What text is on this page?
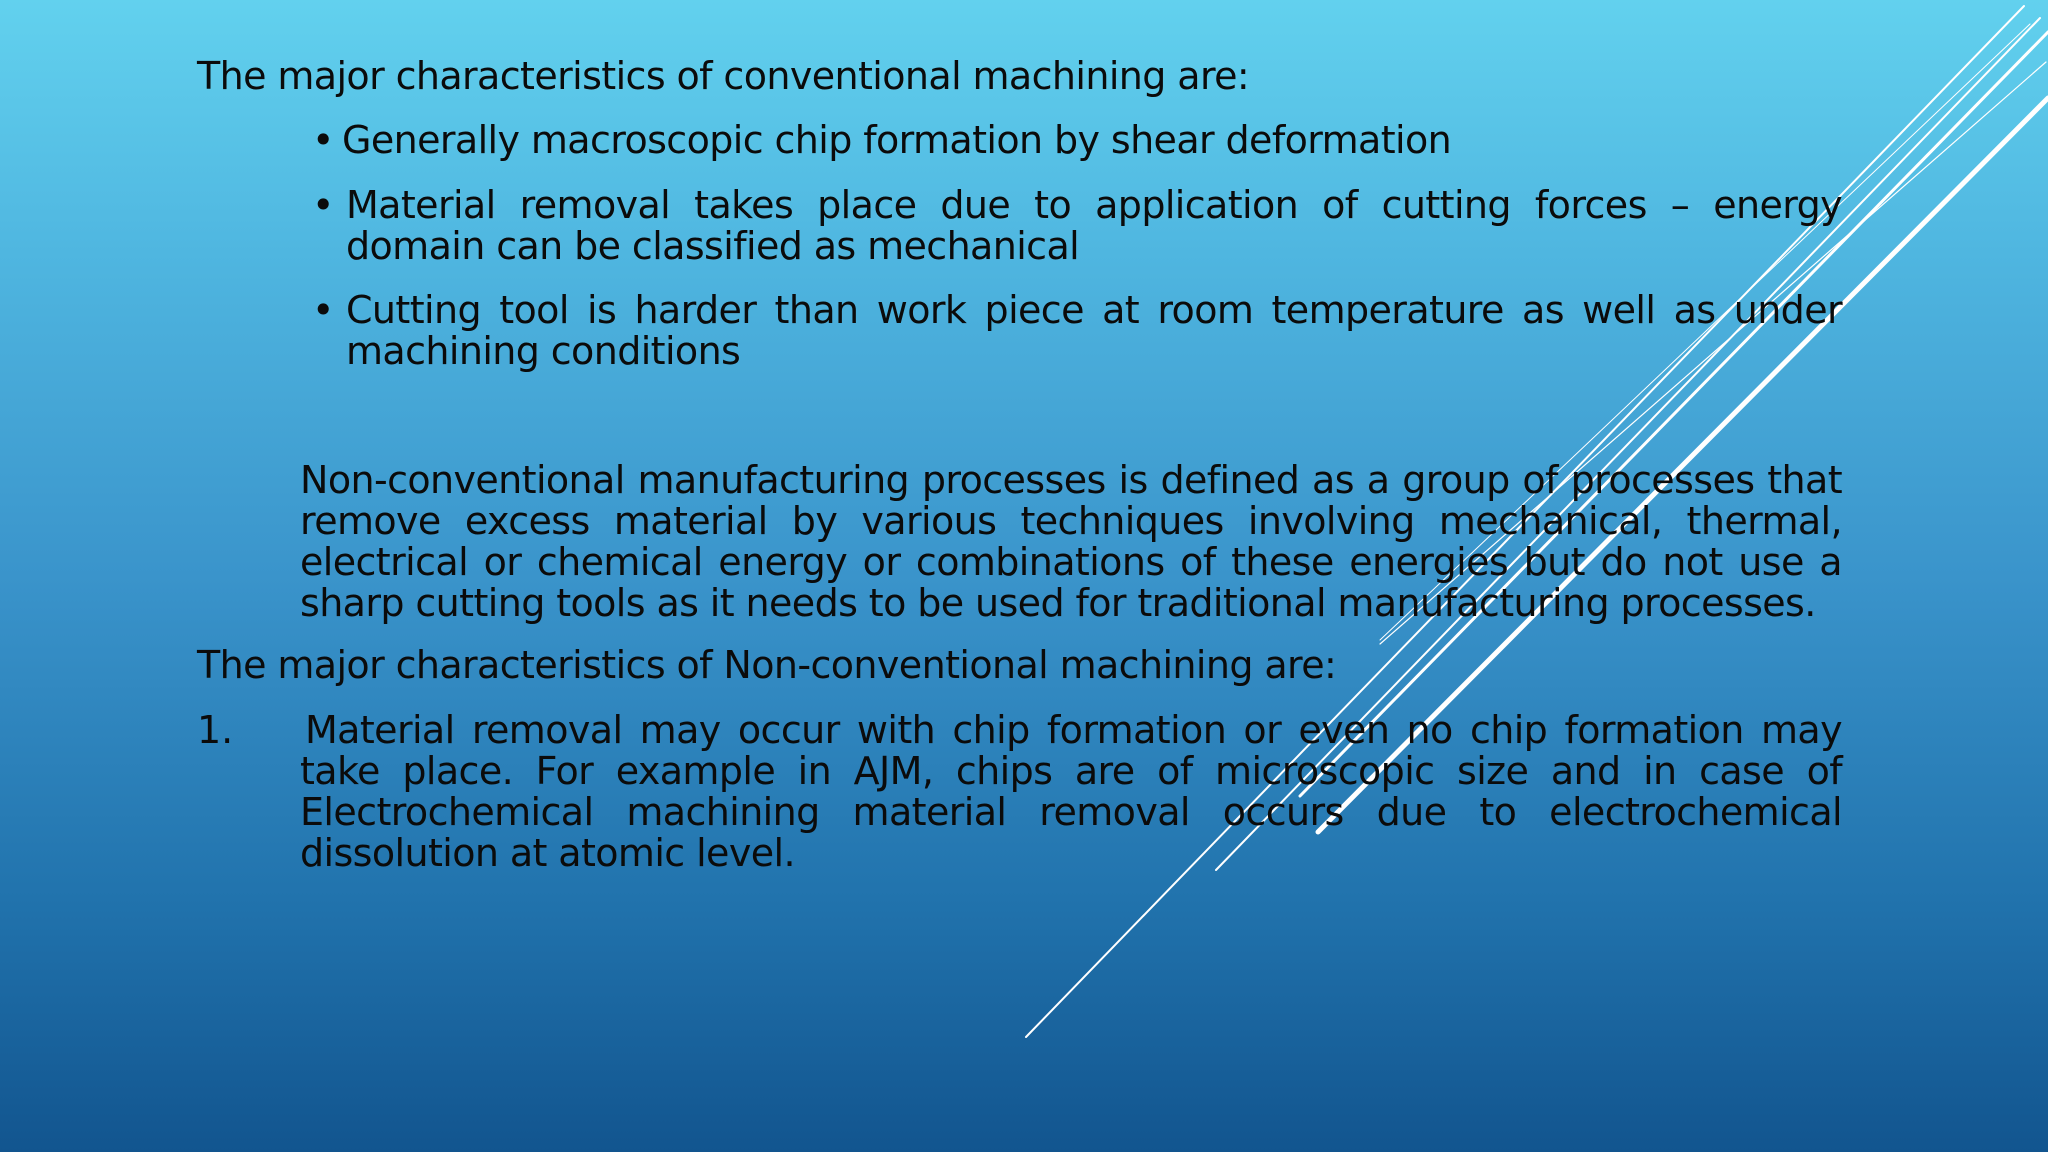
The major characteristics of conventional machining are:

• Generally macroscopic chip formation by shear deformation

• Material removal takes place due to application of cutting forces – energy domain can be classified as mechanical

• Cutting tool is harder than work piece at room temperature as well as under machining conditions

Non-conventional manufacturing processes is defined as a group of processes that remove excess material by various techniques involving mechanical, thermal, electrical or chemical energy or combinations of these energies but do not use a sharp cutting tools as it needs to be used for traditional manufacturing processes.

The major characteristics of Non-conventional machining are:

1. Material removal may occur with chip formation or even no chip formation may take place. For example in AJM, chips are of microscopic size and in case of Electrochemical machining material removal occurs due to electrochemical dissolution at atomic level.
